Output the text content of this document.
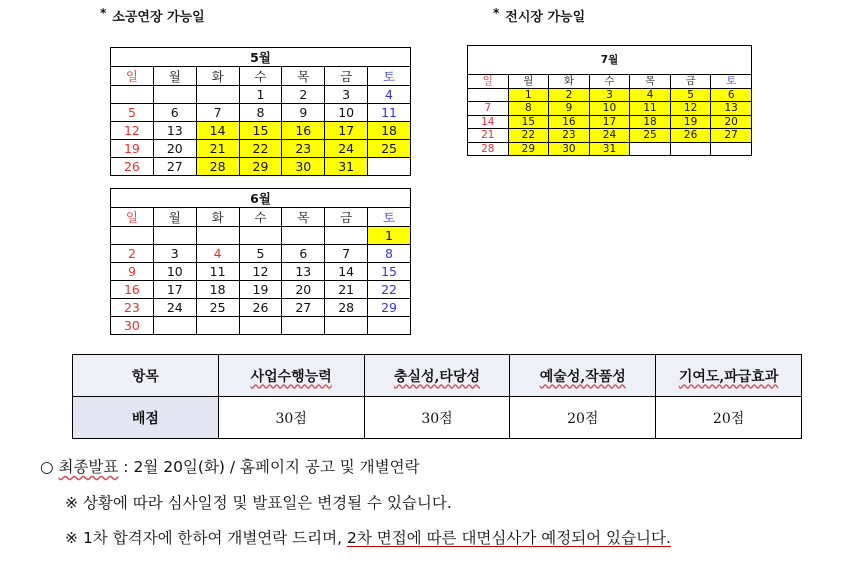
* 소공연장 가능일	* 전시장 가능일
5월						
일	월	화	수	목	금	토
			1	2	3	4
5	6	7	8	9	10	11
12	13	14	15	16	17	18
19	20	21	22	23	24	25
26	27	28	29	30	31	
6월						
일	월	화	수	목	금	토
						1
2	3	4	5	6	7	8
9	10	11	12	13	14	15
16	17	18	19	20	21	22
23	24	25	26	27	28	29
30						
7월						
일	월	화	수	목	금	토
	1	2	3	4	5	6
7	8	9	10	11	12	13
14	15	16	17	18	19	20
21	22	23	24	25	26	27
28	29	30	31			
항목	사업수행능력	충실성,타당성	예술성,작품성	기여도,파급효과
배점	30점	30점	20점	20점
○ 최종발표 : 2월 20일(화) / 홈페이지 공고 및 개별연락
※ 상황에 따라 심사일정 및 발표일은 변경될 수 있습니다.
※ 1차 합격자에 한하여 개별연락 드리며, 2차 면접에 따른 대면심사가 예정되어 있습니다.
